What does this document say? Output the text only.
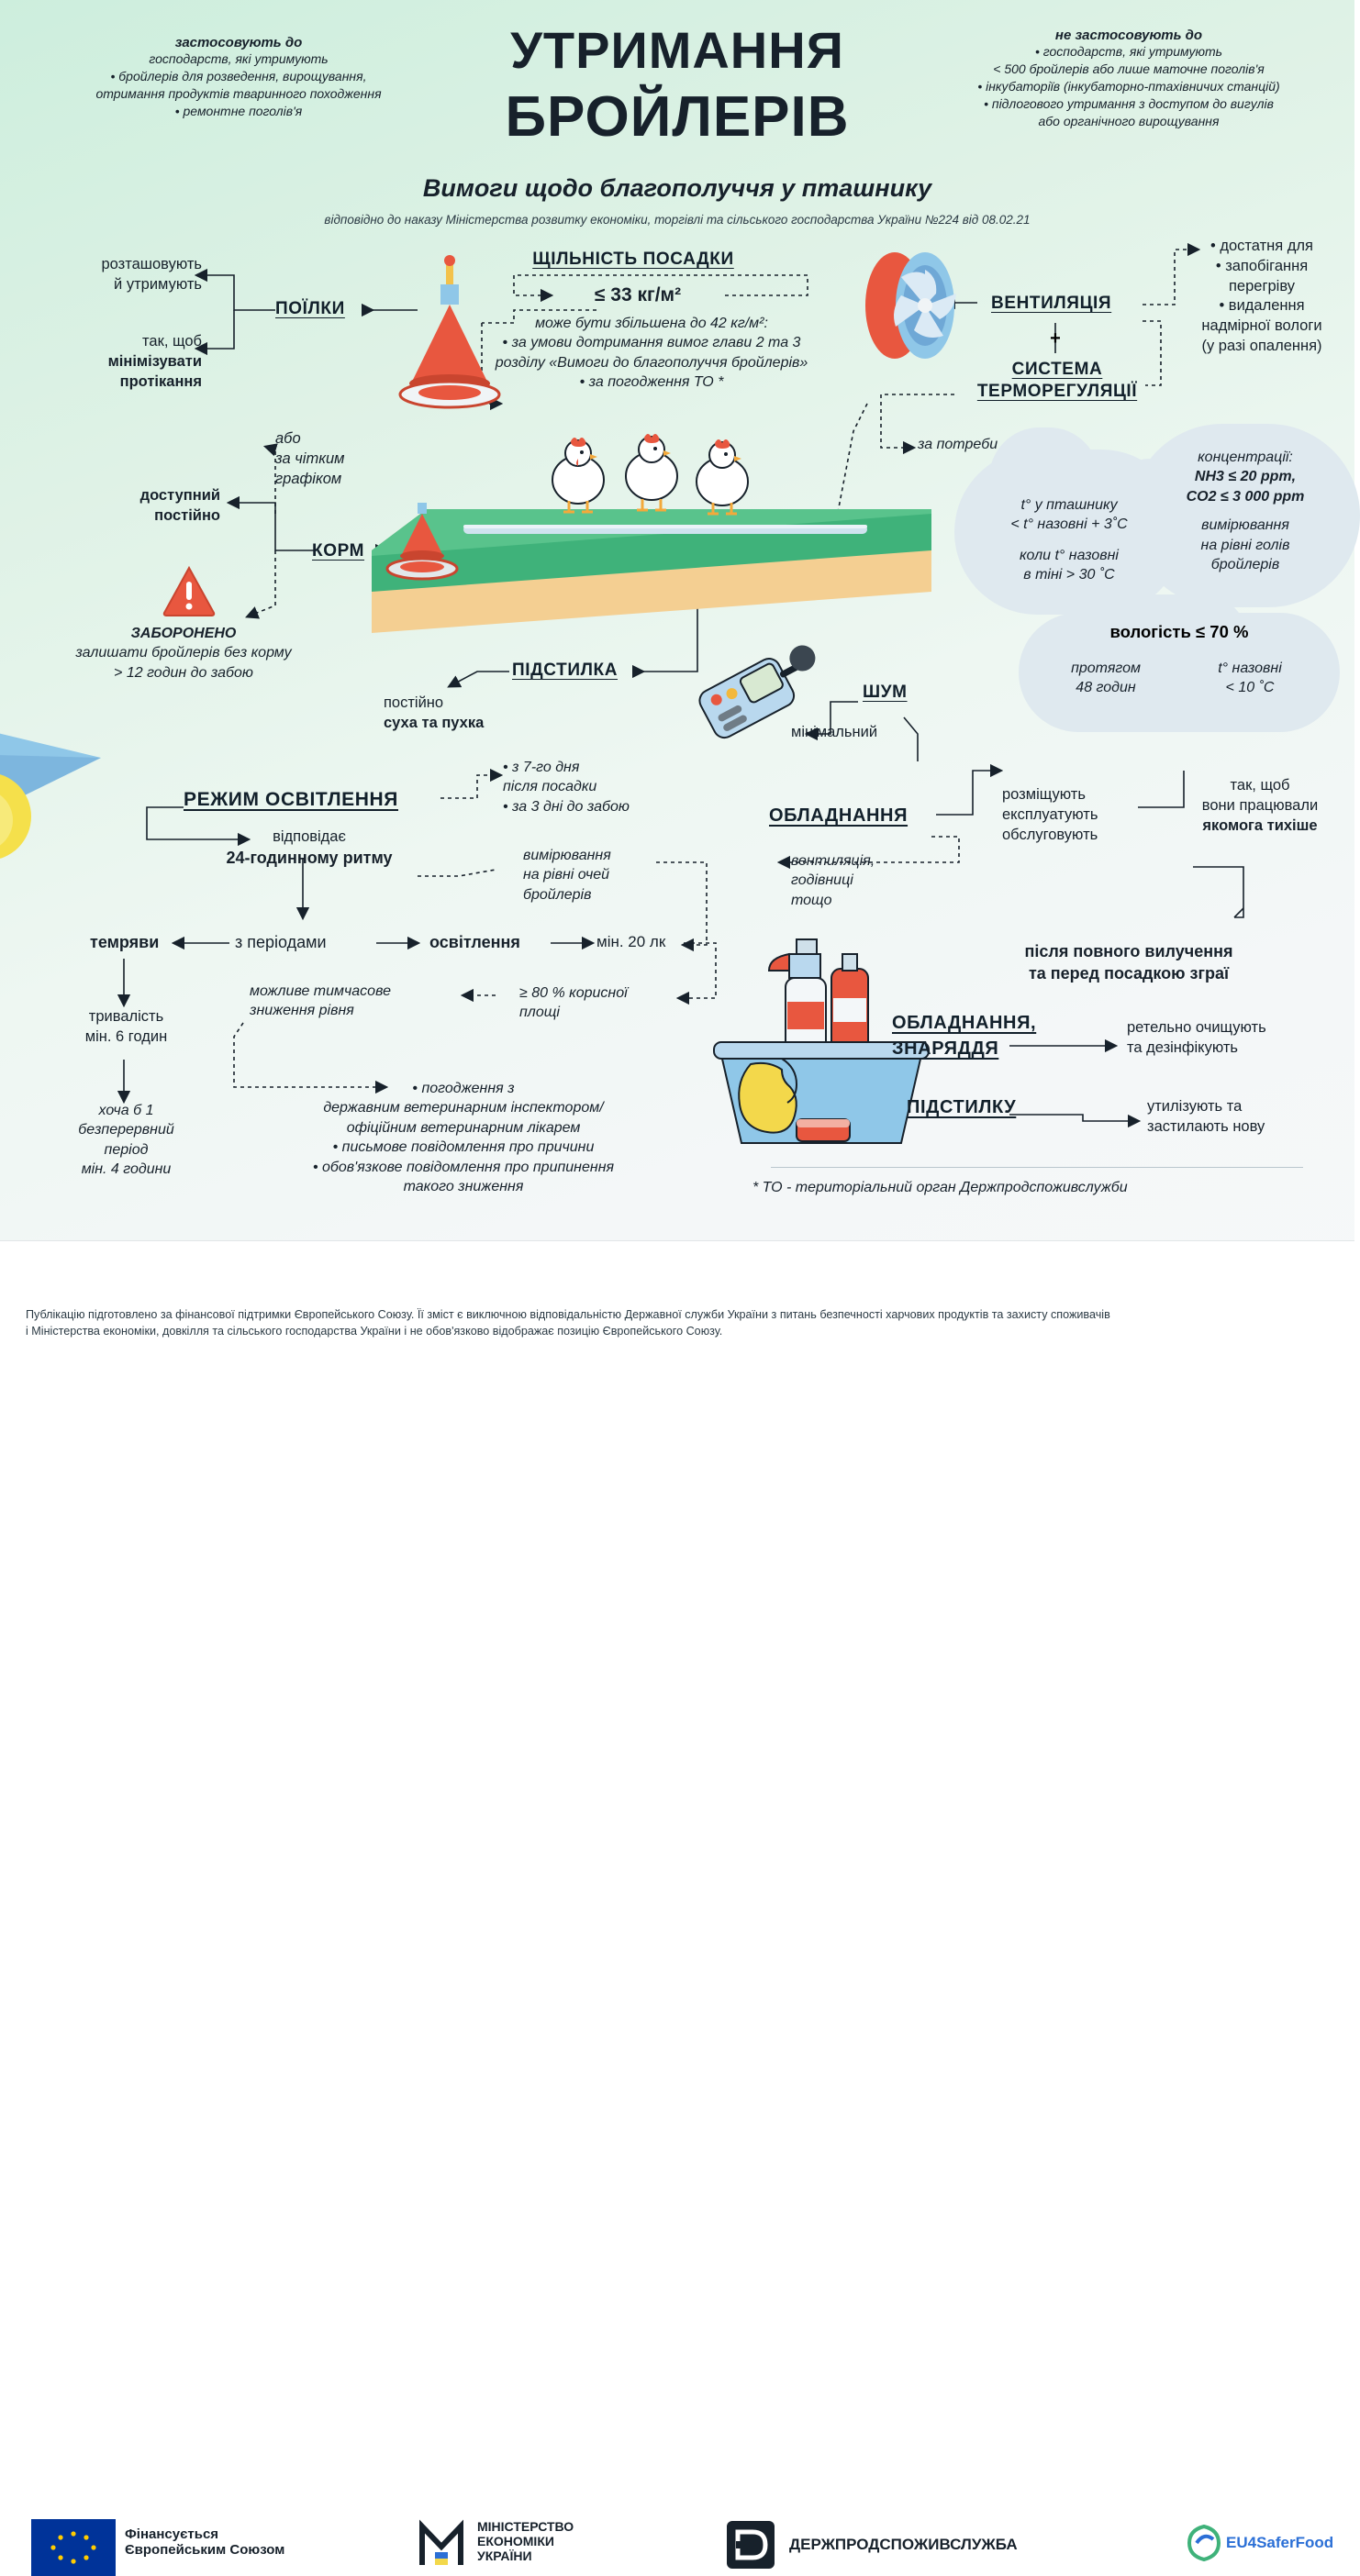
УТРИМАННЯ
БРОЙЛЕРІВ
Вимоги щодо благополуччя у пташнику
відповідно до наказу Міністерства розвитку економіки, торгівлі та сільського господарства України №224 від 08.02.21
застосовують до
господарств, які утримують
• бройлерів для розведення, вирощування,
отримання продуктів тваринного походження
• ремонтне поголів'я
не застосовують до
• господарств, які утримують
< 500 бройлерів або лише маточне поголів'я
• інкубаторіїв (інкубаторно-птахівничих станцій)
• підлогового утримання з доступом до вигулів
або органічного вирощування
розташовують
й утримують
так, щоб
мінімізувати
протікання
ПОЇЛКИ
ЩІЛЬНІСТЬ ПОСАДКИ
≤ 33 кг/м²
може бути збільшена до 42 кг/м²:
• за умови дотримання вимог глави 2 та 3
розділу «Вимоги до благополуччя бройлерів»
• за погодження ТО *
ВЕНТИЛЯЦІЯ
+
СИСТЕМА
ТЕРМОРЕГУЛЯЦІЇ
за потреби
• достатня для
• запобігання
перегріву
• видалення
надмірної вологи
(у разі опалення)
концентрації:
NH3 ≤ 20 ppm,
CO2 ≤ 3 000 ppm
вимірювання
на рівні голів
бройлерів
t° у пташнику
< t° назовні + 3˚С
коли t° назовні
в тіні > 30 ˚С
вологість ≤ 70 %
протягом
48 годин
t° назовні
< 10 ˚С
або
за чітким
графіком
доступний
постійно
КОРМ
ЗАБОРОНЕНО
залишати бройлерів без корму
> 12 годин до забою	ПІДСТИЛКА
постійно
суха та пухка
ШУМ
мінімальний
РЕЖИМ ОСВІТЛЕННЯ
відповідає
24-годинному ритму
• з 7-го дня
після посадки
• за 3 дні до забою
вимірювання
на рівні очей
бройлерів
темряви	з періодами	освітлення	мін. 20 лк
≥ 80 % корисної
площі
тривалість
мін. 6 годин
хоча б 1
безперервний
період
мін. 4 години
можливе тимчасове
зниження рівня
• погодження з
державним ветеринарним інспектором/
офіційним ветеринарним лікарем
• письмове повідомлення про причини
• обов'язкове повідомлення про припинення
такого зниження
ОБЛАДНАННЯ
вентиляція,
годівниці
тощо
розміщують
експлуатують
обслуговують
так, щоб
вони працювали
якомога тихіше
після повного вилучення
та перед посадкою зграї
ОБЛАДНАННЯ,
ЗНАРЯДДЯ
ретельно очищують
та дезінфікують
ПІДСТИЛКУ	утилізують та
застилають нову
* ТО - територіальний орган Держпродспоживслужби
Фінансується
Європейським Союзом
МІНІСТЕРСТВО
ЕКОНОМІКИ
УКРАЇНИ
ДЕРЖПРОДСПОЖИВСЛУЖБА	EU4SaferFood
Публікацію підготовлено за фінансової підтримки Європейського Союзу. Її зміст є виключною відповідальністю Державної служби України з питань безпечності харчових продуктів та захисту споживачів
і Міністерства економіки, довкілля та сільського господарства України і не обов'язково відображає позицію Європейського Союзу.
